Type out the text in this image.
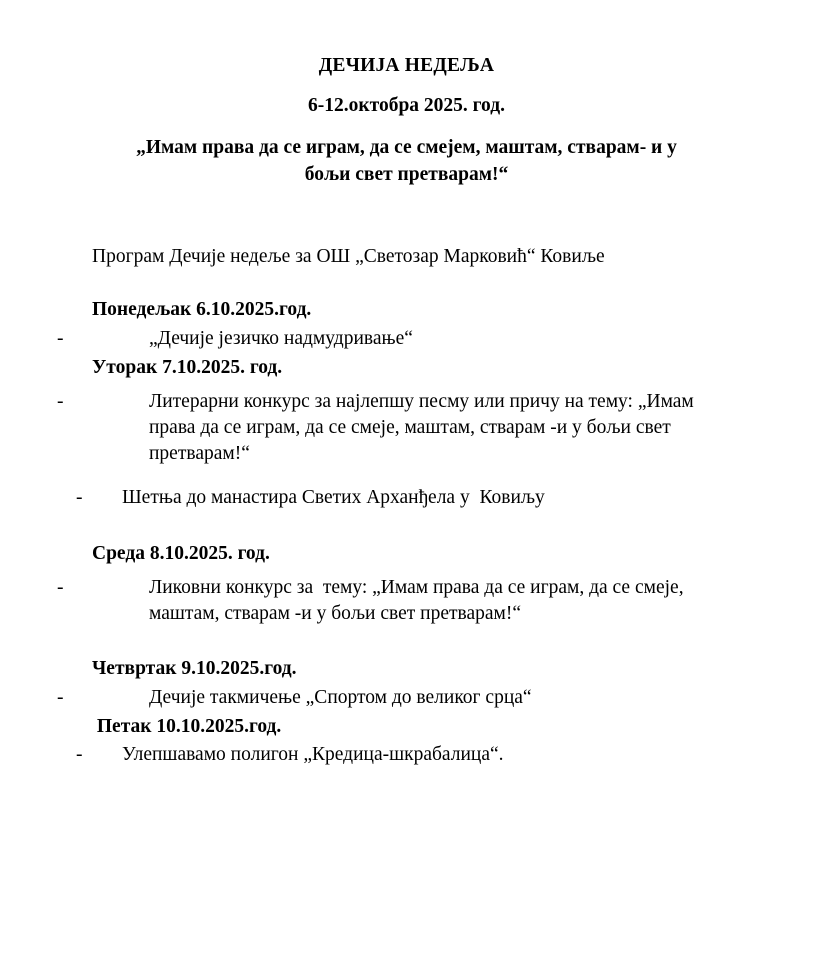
ДЕЧИЈА НЕДЕЉА
6-12.октобра 2025. год.

„Имам права да се играм, да се смејем, маштам, стварам- и у
бољи свет претварам!“

Програм Дечије недеље за ОШ „Светозар Марковић“ Ковиље

Понедељак 6.10.2025.год.
-	„Дечије језичко надмудривање“
Уторак 7.10.2025. год.
-	Литерарни конкурс за најлепшу песму или причу на тему: „Имам права да се играм, да се смеје, маштам, стварам -и у бољи свет претварам!“
- Шетња до манастира Светих Арханђела у  Ковиљу
Среда 8.10.2025. год.
-	Ликовни конкурс за  тему: „Имам права да се играм, да се смеје, маштам, стварам -и у бољи свет претварам!“
Четвртак 9.10.2025.год.
-	Дечије такмичење „Спортом до великог срца“
Петак 10.10.2025.год.
- Улепшавамо полигон „Кредица-шкрабалица“.
